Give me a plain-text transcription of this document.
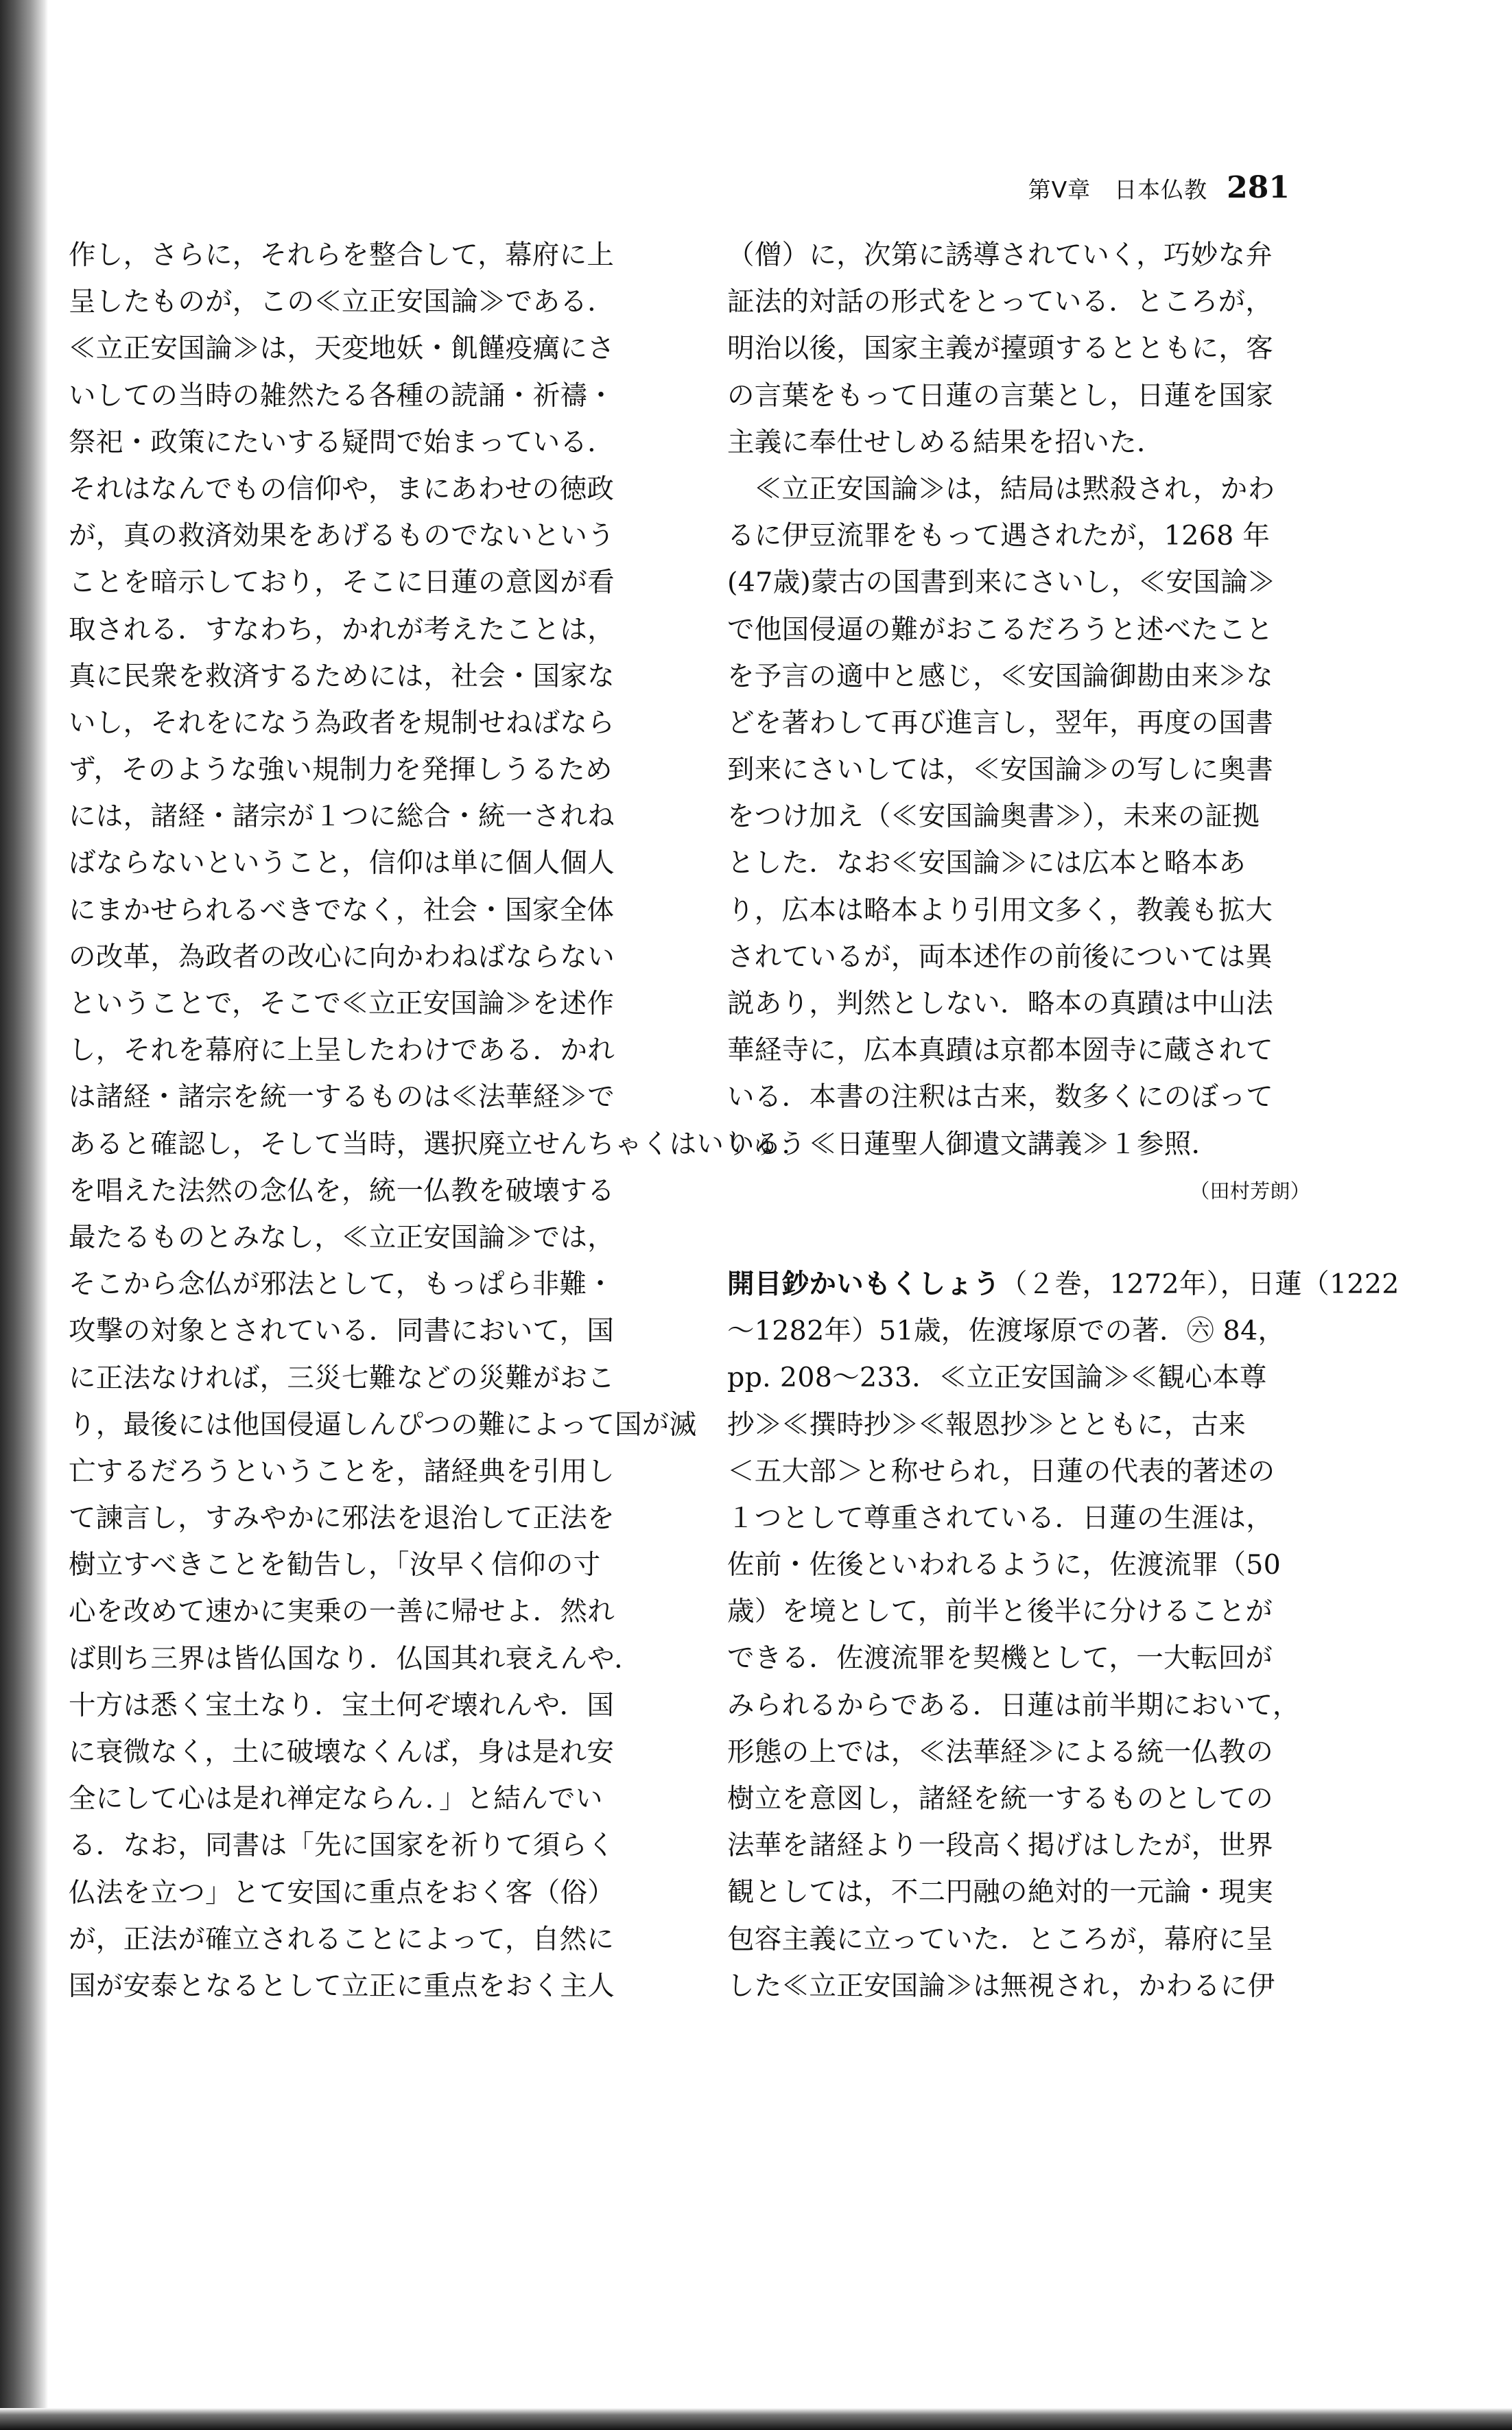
第Ⅴ章　日本仏教 281
作し，さらに，それらを整合して，幕府に上
呈したものが，この≪立正安国論≫である．
≪立正安国論≫は，天変地妖・飢饉疫癘にさ
いしての当時の雑然たる各種の読誦・祈禱・
祭祀・政策にたいする疑問で始まっている．
それはなんでもの信仰や，まにあわせの徳政
が，真の救済効果をあげるものでないという
ことを暗示しており，そこに日蓮の意図が看
取される．すなわち，かれが考えたことは，
真に民衆を救済するためには，社会・国家な
いし，それをになう為政者を規制せねばなら
ず，そのような強い規制力を発揮しうるため
には，諸経・諸宗が１つに総合・統一されね
ばならないということ，信仰は単に個人個人
にまかせられるべきでなく，社会・国家全体
の改革，為政者の改心に向かわねばならない
ということで，そこで≪立正安国論≫を述作
し，それを幕府に上呈したわけである．かれ
は諸経・諸宗を統一するものは≪法華経≫で
あると確認し，そして当時，選択廃立せんちゃくはいりゅう
を唱えた法然の念仏を，統一仏教を破壊する
最たるものとみなし，≪立正安国論≫では，
そこから念仏が邪法として，もっぱら非難・
攻撃の対象とされている．同書において，国
に正法なければ，三災七難などの災難がおこ
り，最後には他国侵逼しんぴつの難によって国が滅
亡するだろうということを，諸経典を引用し
て諫言し，すみやかに邪法を退治して正法を
樹立すべきことを勧告し，「汝早く信仰の寸
心を改めて速かに実乗の一善に帰せよ．然れ
ば則ち三界は皆仏国なり．仏国其れ衰えんや．
十方は悉く宝土なり．宝土何ぞ壊れんや．国
に衰微なく，土に破壊なくんば，身は是れ安
全にして心は是れ禅定ならん．」と結んでい
る．なお，同書は「先に国家を祈りて須らく
仏法を立つ」とて安国に重点をおく客（俗）
が，正法が確立されることによって，自然に
国が安泰となるとして立正に重点をおく主人
（僧）に，次第に誘導されていく，巧妙な弁
証法的対話の形式をとっている．ところが，
明治以後，国家主義が擡頭するとともに，客
の言葉をもって日蓮の言葉とし，日蓮を国家
主義に奉仕せしめる結果を招いた．
　≪立正安国論≫は，結局は黙殺され，かわ
るに伊豆流罪をもって遇されたが，1268 年
(47歳)蒙古の国書到来にさいし，≪安国論≫
で他国侵逼の難がおこるだろうと述べたこと
を予言の適中と感じ，≪安国論御勘由来≫な
どを著わして再び進言し，翌年，再度の国書
到来にさいしては，≪安国論≫の写しに奥書
をつけ加え（≪安国論奥書≫），未来の証拠
とした．なお≪安国論≫には広本と略本あ
り，広本は略本より引用文多く，教義も拡大
されているが，両本述作の前後については異
説あり，判然としない．略本の真蹟は中山法
華経寺に，広本真蹟は京都本圀寺に蔵されて
いる．本書の注釈は古来，数多くにのぼって
いる．≪日蓮聖人御遺文講義≫１参照．
（田村芳朗）
開目鈔かいもくしょう（２巻，1272年），日蓮（1222
～1282年）51歳，佐渡塚原での著．㊅ 84，
pp. 208～233．≪立正安国論≫≪観心本尊
抄≫≪撰時抄≫≪報恩抄≫とともに，古来
＜五大部＞と称せられ，日蓮の代表的著述の
１つとして尊重されている．日蓮の生涯は，
佐前・佐後といわれるように，佐渡流罪（50
歳）を境として，前半と後半に分けることが
できる．佐渡流罪を契機として，一大転回が
みられるからである．日蓮は前半期において，
形態の上では，≪法華経≫による統一仏教の
樹立を意図し，諸経を統一するものとしての
法華を諸経より一段高く掲げはしたが，世界
観としては，不二円融の絶対的一元論・現実
包容主義に立っていた．ところが，幕府に呈
した≪立正安国論≫は無視され，かわるに伊
